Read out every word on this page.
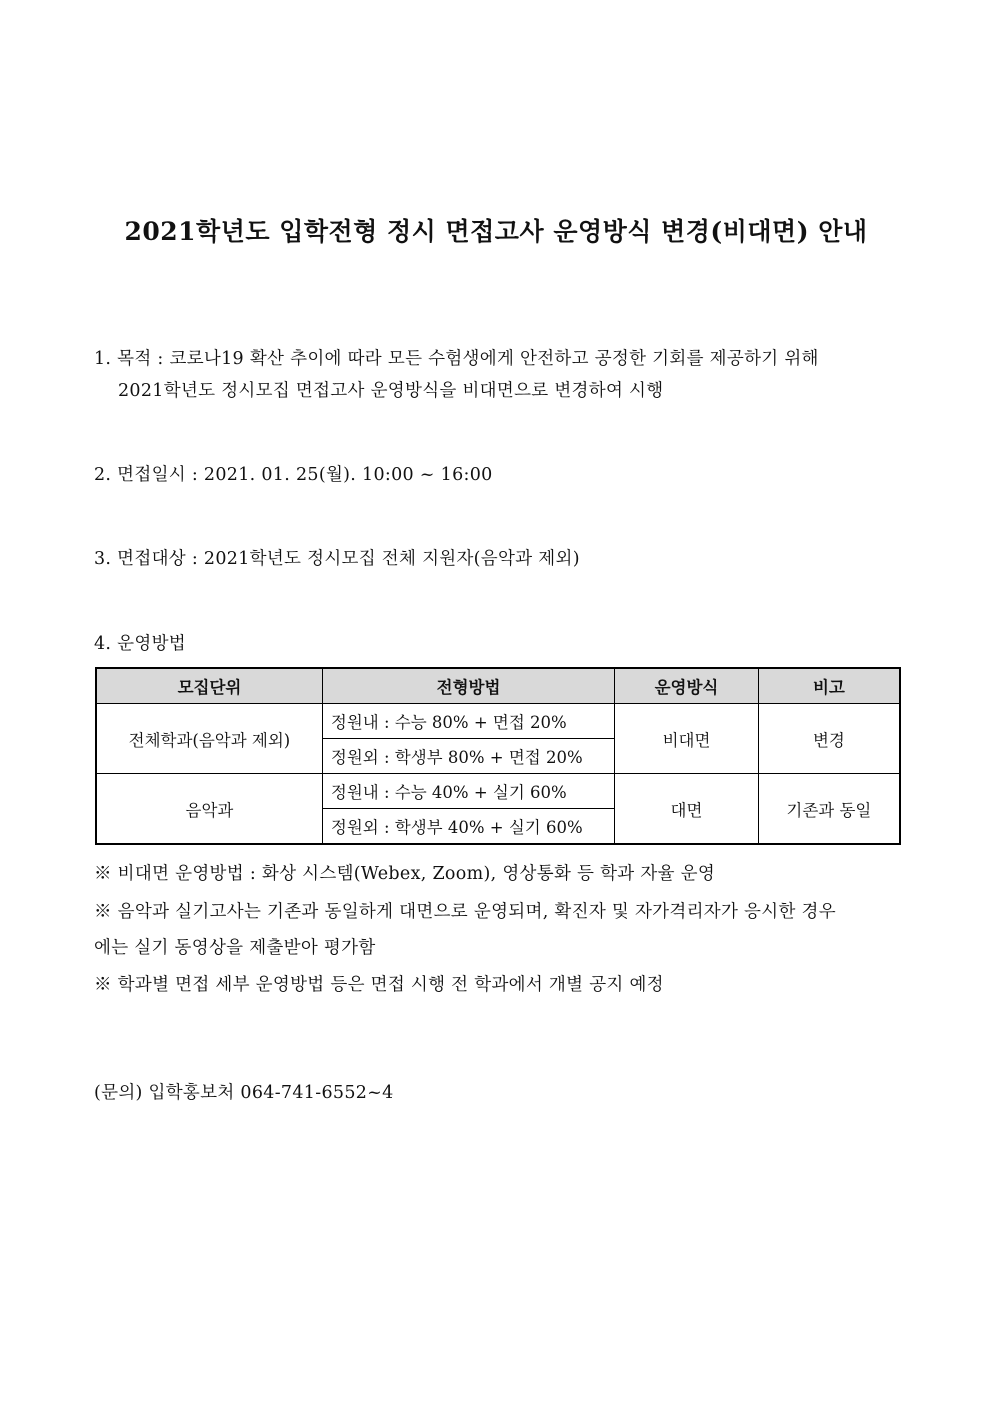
2021학년도 입학전형 정시 면접고사 운영방식 변경(비대면) 안내
1. 목적 : 코로나19 확산 추이에 따라 모든 수험생에게 안전하고 공정한 기회를 제공하기 위해
2021학년도 정시모집 면접고사 운영방식을 비대면으로 변경하여 시행
2. 면접일시 : 2021. 01. 25(월). 10:00 ~ 16:00
3. 면접대상 : 2021학년도 정시모집 전체 지원자(음악과 제외)
4. 운영방법
모집단위	전형방법	운영방식	비고
전체학과(음악과 제외)	정원내 : 수능 80% + 면접 20%	비대면	변경
	정원외 : 학생부 80% + 면접 20%		
음악과	정원내 : 수능 40% + 실기 60%	대면	기존과 동일
	정원외 : 학생부 40% + 실기 60%		
※ 비대면 운영방법 : 화상 시스템(Webex, Zoom), 영상통화 등 학과 자율 운영
※ 음악과 실기고사는 기존과 동일하게 대면으로 운영되며, 확진자 및 자가격리자가 응시한 경우
에는 실기 동영상을 제출받아 평가함
※ 학과별 면접 세부 운영방법 등은 면접 시행 전 학과에서 개별 공지 예정
(문의) 입학홍보처 064-741-6552~4
